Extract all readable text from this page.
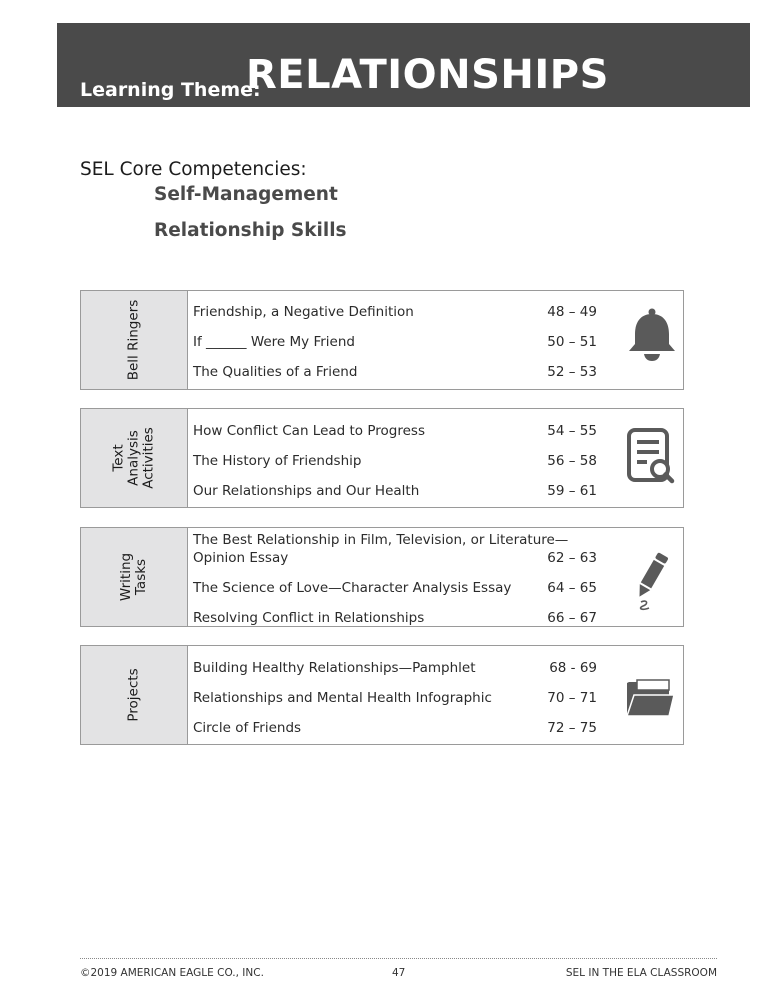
Learning Theme:
RELATIONSHIPS
SEL Core Competencies:
Self-Management
Relationship Skills
Bell Ringers	Friendship, a Negative Definition	48 – 49
If ______ Were My Friend	50 – 51
The Qualities of a Friend	52 – 53
Text Analysis Activities	How Conflict Can Lead to Progress	54 – 55
The History of Friendship	56 – 58
Our Relationships and Our Health	59 – 61
Writing Tasks
The Best Relationship in Film, Television, or Literature—
Opinion Essay	62 – 63
The Science of Love—Character Analysis Essay	64 – 65
Resolving Conflict in Relationships	66 – 67
Projects
Building Healthy Relationships—Pamphlet	68 - 69
Relationships and Mental Health Infographic	70 – 71
Circle of Friends	72 – 75
©2019 AMERICAN EAGLE CO., INC.	47	SEL IN THE ELA CLASSROOM
